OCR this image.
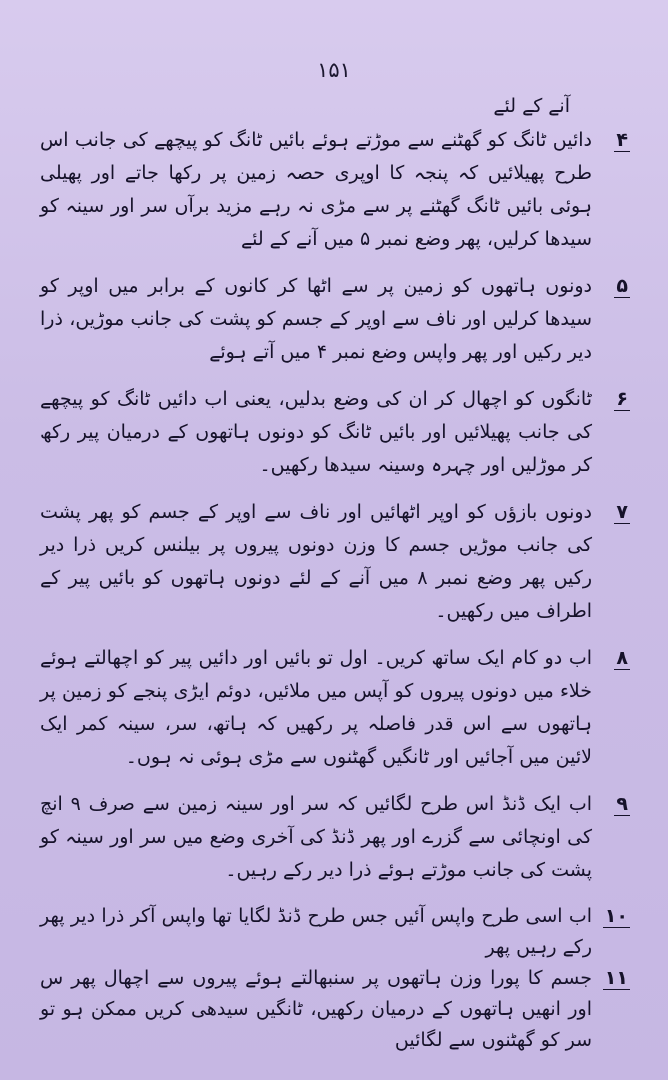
۱۵۱
آنے کے لئے
۴
دائیں ٹانگ کو گھٹنے سے موڑتے ہوئے بائیں ٹانگ کو پیچھے کی جانب اس طرح پھیلائیں کہ پنجہ کا اوپری حصہ زمین پر رکھا جاتے اور پھیلی ہوئی بائیں ٹانگ گھٹنے پر سے مڑی نہ رہے مزید برآں سر اور سینہ کو سیدھا کرلیں، پھر وضع نمبر ۵ میں آنے کے لئے
۵
دونوں ہاتھوں کو زمین پر سے اٹھا کر کانوں کے برابر میں اوپر کو سیدھا کرلیں اور ناف سے اوپر کے جسم کو پشت کی جانب موڑیں، ذرا دیر رکیں اور پھر واپس وضع نمبر ۴ میں آتے ہوئے
۶
ٹانگوں کو اچھال کر ان کی وضع بدلیں، یعنی اب دائیں ٹانگ کو پیچھے کی جانب پھیلائیں اور بائیں ٹانگ کو دونوں ہاتھوں کے درمیان پیر رکھ کر موڑلیں اور چہرہ وسینہ سیدھا رکھیں۔
۷
دونوں بازؤں کو اوپر اٹھائیں اور ناف سے اوپر کے جسم کو پھر پشت کی جانب موڑیں جسم کا وزن دونوں پیروں پر بیلنس کریں ذرا دیر رکیں پھر وضع نمبر ۸ میں آنے کے لئے دونوں ہاتھوں کو بائیں پیر کے اطراف میں رکھیں۔
۸
اب دو کام ایک ساتھ کریں۔ اول تو بائیں اور دائیں پیر کو اچھالتے ہوئے خلاء میں دونوں پیروں کو آپس میں ملائیں، دوئم ایڑی پنجے کو زمین پر ہاتھوں سے اس قدر فاصلہ پر رکھیں کہ ہاتھ، سر، سینہ کمر ایک لائین میں آجائیں اور ٹانگیں گھٹنوں سے مڑی ہوئی نہ ہوں۔
۹
اب ایک ڈنڈ اس طرح لگائیں کہ سر اور سینہ زمین سے صرف ۹ انچ کی اونچائی سے گزرے اور پھر ڈنڈ کی آخری وضع میں سر اور سینہ کو پشت کی جانب موڑتے ہوئے ذرا دیر رکے رہیں۔
۱۰
اب اسی طرح واپس آئیں جس طرح ڈنڈ لگایا تھا واپس آکر ذرا دیر پھر رکے رہیں پھر
۱۱
جسم کا پورا وزن ہاتھوں پر سنبھالتے ہوئے پیروں سے اچھال پھر س اور انھیں ہاتھوں کے درمیان رکھیں، ٹانگیں سیدھی کریں ممکن ہو تو سر کو گھٹنوں سے لگائیں
